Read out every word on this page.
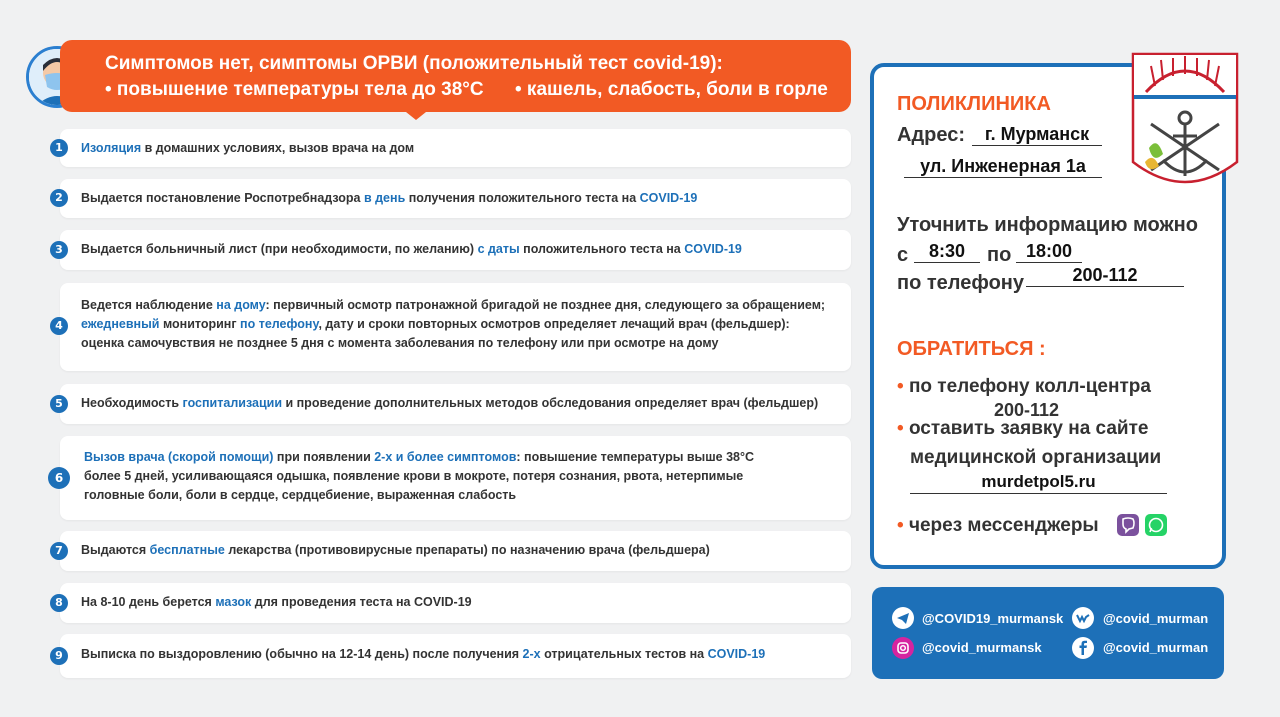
Симптомов нет, симптомы ОРВИ (положительный тест covid-19):
• повышение температуры тела до 38°С • кашель, слабость, боли в горле
1	Изоляция в домашних условиях, вызов врача на дом
2	Выдается постановление Роспотребнадзора в день получения положительного теста на COVID-19
3	Выдается больничный лист (при необходимости, по желанию) с даты положительного теста на COVID-19
4
Ведется наблюдение на дому: первичный осмотр патронажной бригадой не позднее дня, следующего за обращением;
ежедневный мониторинг по телефону, дату и сроки повторных осмотров определяет лечащий врач (фельдшер):
оценка самочувствия не позднее 5 дня с момента заболевания по телефону или при осмотре на дому
5	Необходимость госпитализации и проведение дополнительных методов обследования определяет врач (фельдшер)
6
Вызов врача (скорой помощи) при появлении 2-х и более симптомов: повышение температуры выше 38°С
более 5 дней, усиливающаяся одышка, появление крови в мокроте, потеря сознания, рвота, нетерпимые
головные боли, боли в сердце, сердцебиение, выраженная слабость
7	Выдаются бесплатные лекарства (противовирусные препараты) по назначению врача (фельдшера)
8	На 8-10 день берется мазок для проведения теста на COVID-19
9	Выписка по выздоровлению (обычно на 12-14 день) после получения 2-х отрицательных тестов на COVID-19
ПОЛИКЛИНИКА
Адрес:	г. Мурманск
ул. Инженерная 1а
Уточнить информацию можно
с	8:30	по 18:00
по телефону	200-112
ОБРАТИТЬСЯ :
• по телефону колл-центра
200-112
• оставить заявку на сайте
медицинской организации
murdetpol5.ru
• через мессенджеры
@COVID19_murmansk	@covid_murman
@covid_murmansk	@covid_murman
